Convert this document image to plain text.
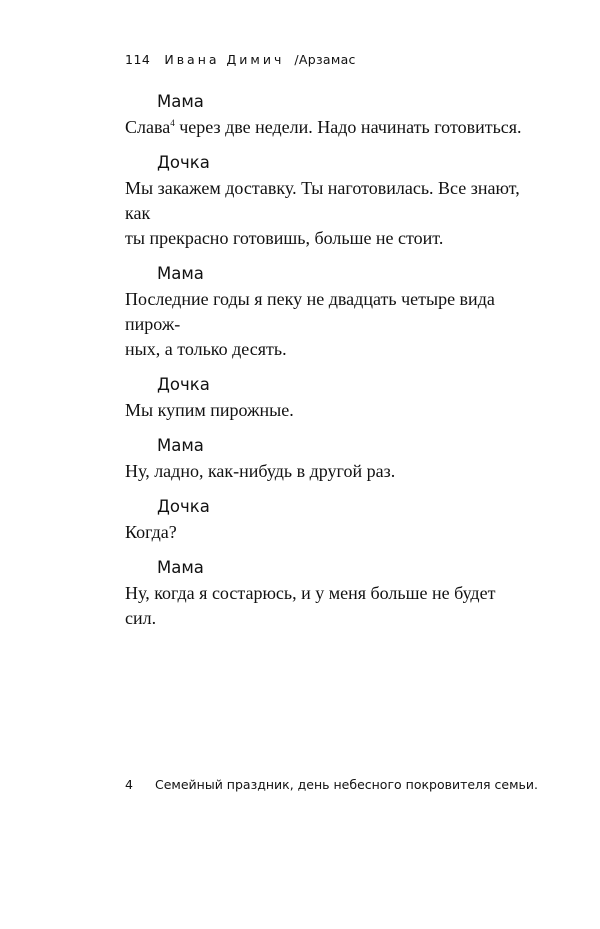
114 Ивана Димич /Арзамас
Мама
Слава$^4$ через две недели. Надо начинать готовиться.
Дочка
Мы закажем доставку. Ты наготовилась. Все знают, как
ты прекрасно готовишь, больше не стоит.
Мама
Последние годы я пеку не двадцать четыре вида пирож-
ных, а только десять.
Дочка
Мы купим пирожные.
Мама
Ну, ладно, как-нибудь в другой раз.
Дочка
Когда?
Мама
Ну, когда я состарюсь, и у меня больше не будет сил.
4 Семейный праздник, день небесного покровителя семьи.
